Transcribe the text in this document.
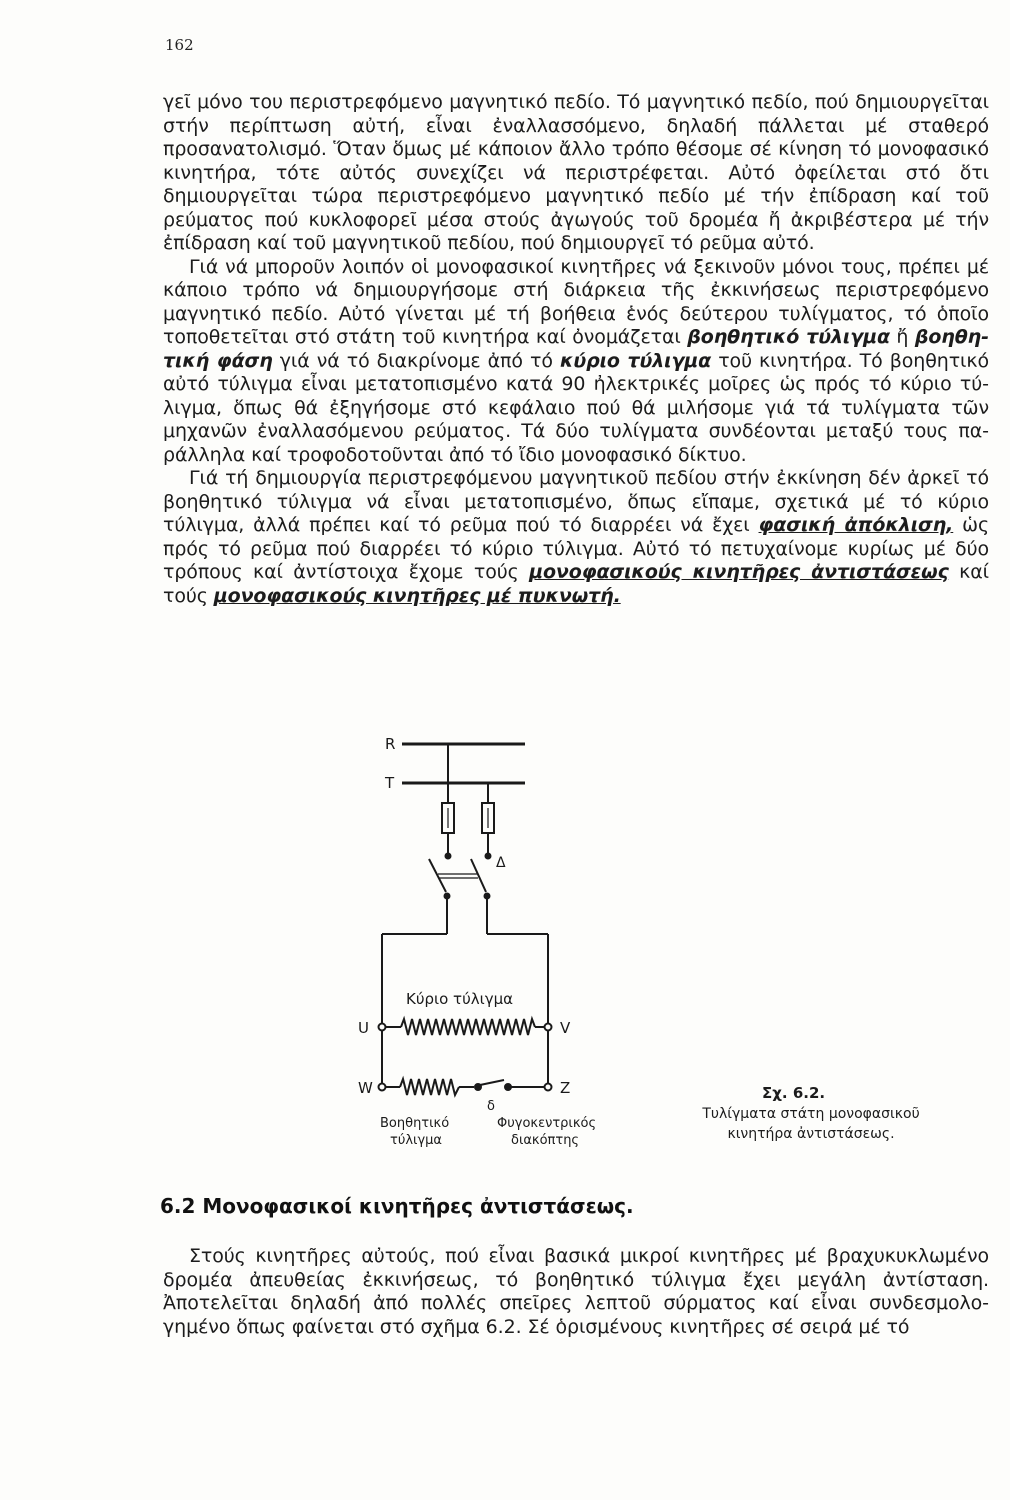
162

γεῖ μόνο του περιστρεφόμενο μαγνητικό πεδίο. Τό μαγνητικό πεδίο, πού δημιουργεῖται στήν περίπτωση αὐτή, εἶναι ἐναλλασσόμενο, δηλαδή πάλλεται μέ σταθερό προσανατολισμό. Ὅταν ὅμως μέ κάποιον ἄλλο τρόπο θέσομε σέ κίνηση τό μονοφασικό κινητήρα, τότε αὐτός συνεχίζει νά περιστρέφεται. Αὐτό ὀφείλεται στό ὅτι δημιουργεῖται τώρα περιστρεφόμενο μαγνητικό πεδίο μέ τήν ἐπίδραση καί τοῦ ρεύματος πού κυκλοφορεῖ μέσα στούς ἀγωγούς τοῦ δρομέα ἤ ἀκριβέστερα μέ τήν ἐπίδραση καί τοῦ μαγνητικοῦ πεδίου, πού δημιουργεῖ τό ρεῦμα αὐτό.

Γιά νά μποροῦν λοιπόν οἱ μονοφασικοί κινητῆρες νά ξεκινοῦν μόνοι τους, πρέπει μέ κάποιο τρόπο νά δημιουργήσομε στή διάρκεια τῆς ἐκκινήσεως περιστρεφόμενο μαγνητικό πεδίο. Αὐτό γίνεται μέ τή βοήθεια ἑνός δεύτερου τυλίγματος, τό ὁποῖο τοποθετεῖται στό στάτη τοῦ κινητήρα καί ὀνομάζεται βοηθητικό τύλιγμα ἤ βοηθητική φάση γιά νά τό διακρίνομε ἀπό τό κύριο τύλιγμα τοῦ κινητήρα. Τό βοηθητικό αὐτό τύλιγμα εἶναι μετατοπισμένο κατά 90 ἠλεκτρικές μοῖρες ὡς πρός τό κύριο τύλιγμα, ὅπως θά ἐξηγήσομε στό κεφάλαιο πού θά μιλήσομε γιά τά τυλίγματα τῶν μηχανῶν ἐναλλασόμενου ρεύματος. Τά δύο τυλίγματα συνδέονται μεταξύ τους παράλληλα καί τροφοδοτοῦνται ἀπό τό ἴδιο μονοφασικό δίκτυο.

Γιά τή δημιουργία περιστρεφόμενου μαγνητικοῦ πεδίου στήν ἐκκίνηση δέν ἀρκεῖ τό βοηθητικό τύλιγμα νά εἶναι μετατοπισμένο, ὅπως εἴπαμε, σχετικά μέ τό κύριο τύλιγμα, ἀλλά πρέπει καί τό ρεῦμα πού τό διαρρέει νά ἔχει φασική ἀπόκλιση, ὡς πρός τό ρεῦμα πού διαρρέει τό κύριο τύλιγμα. Αὐτό τό πετυχαίνομε κυρίως μέ δύο τρόπους καί ἀντίστοιχα ἔχομε τούς μονοφασικούς κινητῆρες ἀντιστάσεως καί τούς μονοφασικούς κινητῆρες μέ πυκνωτή.

R
T
Δ
Κύριο τύλιγμα
U	V
W	Z
δ
Βοηθητικό
τύλιγμα
Φυγοκεντρικός
διακόπτης
Σχ. 6.2.
Τυλίγματα στάτη μονοφασικοῦ κινητήρα ἀντιστάσεως.
6.2 Μονοφασικοί κινητῆρες ἀντιστάσεως.

Στούς κινητῆρες αὐτούς, πού εἶναι βασικά μικροί κινητῆρες μέ βραχυκυκλωμένο δρομέα ἀπευθείας ἐκκινήσεως, τό βοηθητικό τύλιγμα ἔχει μεγάλη ἀντίσταση. Ἀποτελεῖται δηλαδή ἀπό πολλές σπεῖρες λεπτοῦ σύρματος καί εἶναι συνδεσμολογημένο ὅπως φαίνεται στό σχῆμα 6.2. Σέ ὁρισμένους κινητῆρες σέ σειρά μέ τό
